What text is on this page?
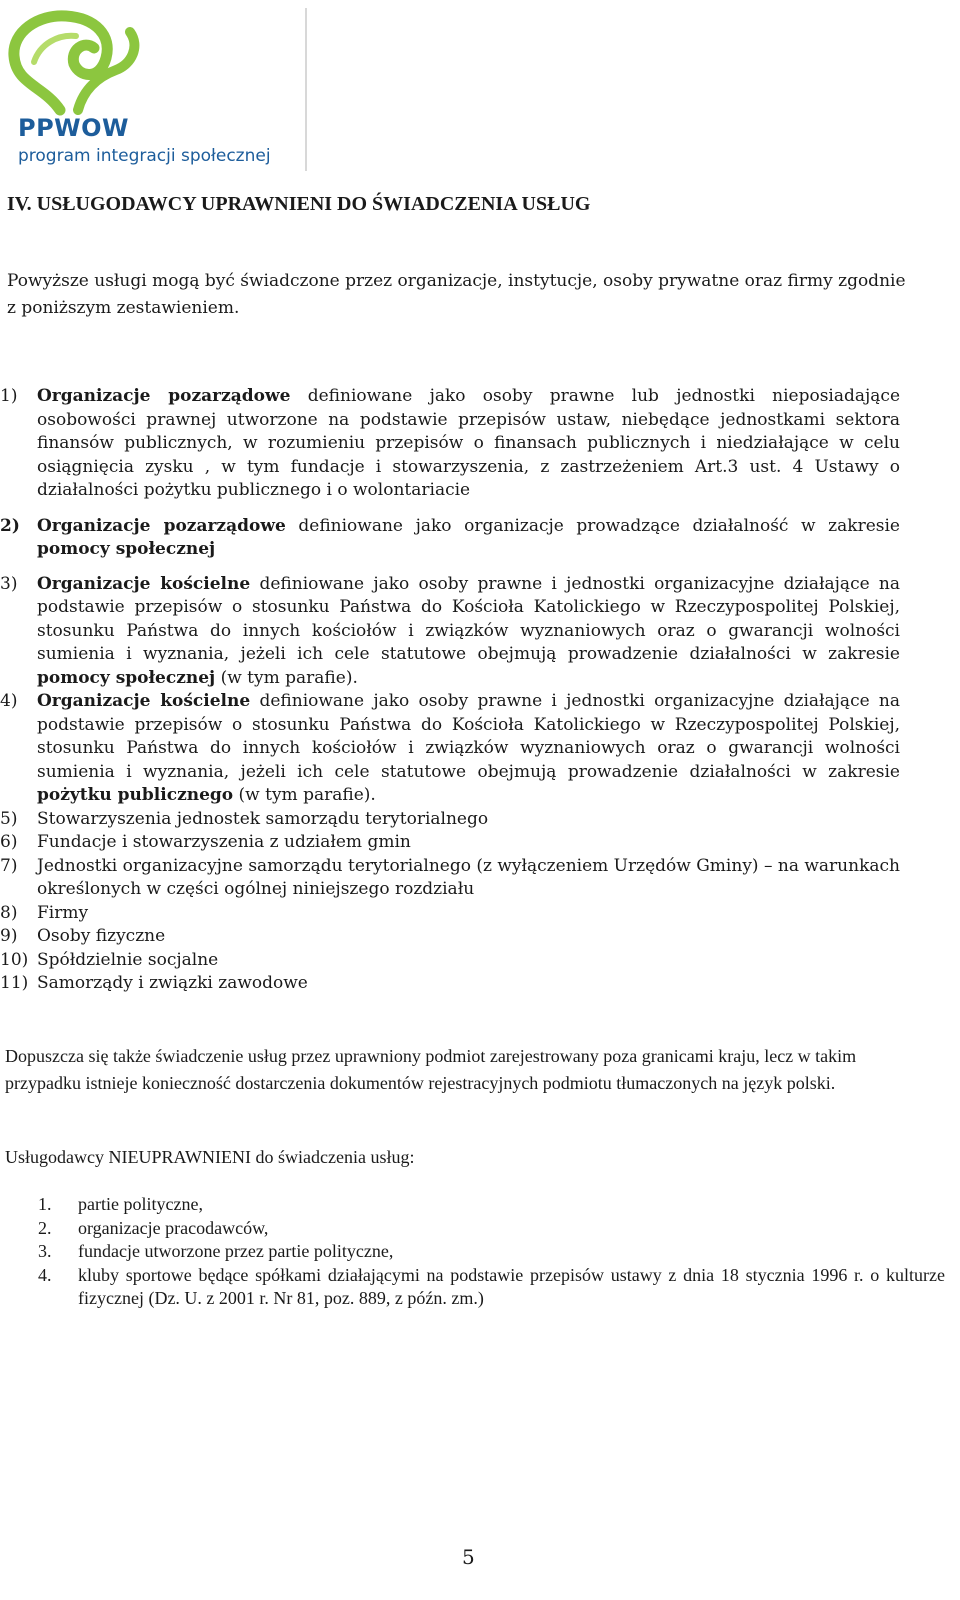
PPWOW
program integracji społecznej
IV. USŁUGODAWCY UPRAWNIENI DO ŚWIADCZENIA USŁUG

Powyższe usługi mogą być świadczone przez organizacje, instytucje, osoby prywatne oraz firmy zgodnie z poniższym zestawieniem.

1) Organizacje pozarządowe definiowane jako osoby prawne lub jednostki nieposiadające osobowości prawnej utworzone na podstawie przepisów ustaw, niebędące jednostkami sektora finansów publicznych, w rozumieniu przepisów o finansach publicznych i niedziałające w celu osiągnięcia zysku , w tym fundacje i stowarzyszenia, z zastrzeżeniem Art.3 ust. 4 Ustawy o działalności pożytku publicznego i o wolontariacie
2) Organizacje pozarządowe definiowane jako organizacje prowadzące działalność w zakresie pomocy społecznej
3) Organizacje kościelne definiowane jako osoby prawne i jednostki organizacyjne działające na podstawie przepisów o stosunku Państwa do Kościoła Katolickiego w Rzeczypospolitej Polskiej, stosunku Państwa do innych kościołów i związków wyznaniowych oraz o gwarancji wolności sumienia i wyznania, jeżeli ich cele statutowe obejmują prowadzenie działalności w zakresie pomocy społecznej (w tym parafie).
4) Organizacje kościelne definiowane jako osoby prawne i jednostki organizacyjne działające na podstawie przepisów o stosunku Państwa do Kościoła Katolickiego w Rzeczypospolitej Polskiej, stosunku Państwa do innych kościołów i związków wyznaniowych oraz o gwarancji wolności sumienia i wyznania, jeżeli ich cele statutowe obejmują prowadzenie działalności w zakresie pożytku publicznego (w tym parafie).
5) Stowarzyszenia jednostek samorządu terytorialnego
6) Fundacje i stowarzyszenia z udziałem gmin
7) Jednostki organizacyjne samorządu terytorialnego (z wyłączeniem Urzędów Gminy) – na warunkach określonych w części ogólnej niniejszego rozdziału
8) Firmy
9) Osoby fizyczne
10) Spółdzielnie socjalne
11) Samorządy i związki zawodowe

Dopuszcza się także świadczenie usług przez uprawniony podmiot zarejestrowany poza granicami kraju, lecz w takim przypadku istnieje konieczność dostarczenia dokumentów rejestracyjnych podmiotu tłumaczonych na język polski.

Usługodawcy NIEUPRAWNIENI do świadczenia usług:
1. partie polityczne,
2. organizacje pracodawców,
3. fundacje utworzone przez partie polityczne,
4. kluby sportowe będące spółkami działającymi na podstawie przepisów ustawy z dnia 18 stycznia 1996 r. o kulturze fizycznej (Dz. U. z 2001 r. Nr 81, poz. 889, z późn. zm.)
5
